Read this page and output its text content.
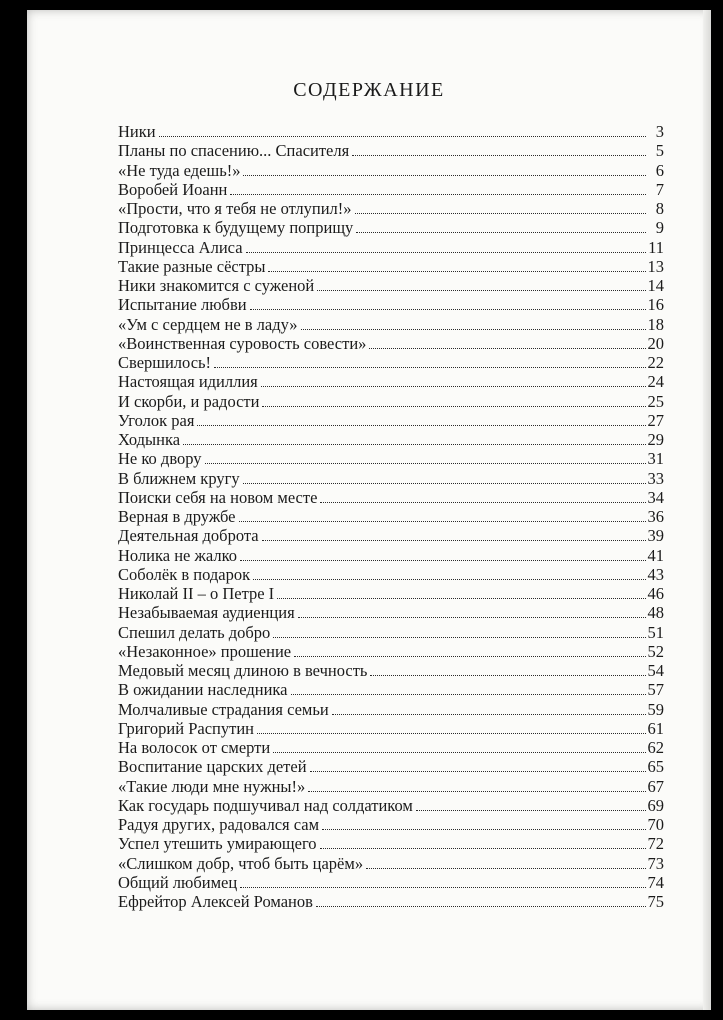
СОДЕРЖАНИЕ
Ники	3
Планы по спасению... Спасителя	5
«Не туда едешь!»	6
Воробей Иоанн	7
«Прости, что я тебя не отлупил!»	8
Подготовка к будущему поприщу	9
Принцесса Алиса	11
Такие разные сёстры	13
Ники знакомится с суженой	14
Испытание любви	16
«Ум с сердцем не в ладу»	18
«Воинственная суровость совести»	20
Свершилось!	22
Настоящая идиллия	24
И скорби, и радости	25
Уголок рая	27
Ходынка	29
Не ко двору	31
В ближнем кругу	33
Поиски себя на новом месте	34
Верная в дружбе	36
Деятельная доброта	39
Нолика не жалко	41
Соболёк в подарок	43
Николай II – о Петре I	46
Незабываемая аудиенция	48
Спешил делать добро	51
«Незаконное» прошение	52
Медовый месяц длиною в вечность	54
В ожидании наследника	57
Молчаливые страдания семьи	59
Григорий Распутин	61
На волосок от смерти	62
Воспитание царских детей	65
«Такие люди мне нужны!»	67
Как государь подшучивал над солдатиком	69
Радуя других, радовался сам	70
Успел утешить умирающего	72
«Слишком добр, чтоб быть царём»	73
Общий любимец	74
Ефрейтор Алексей Романов	75
